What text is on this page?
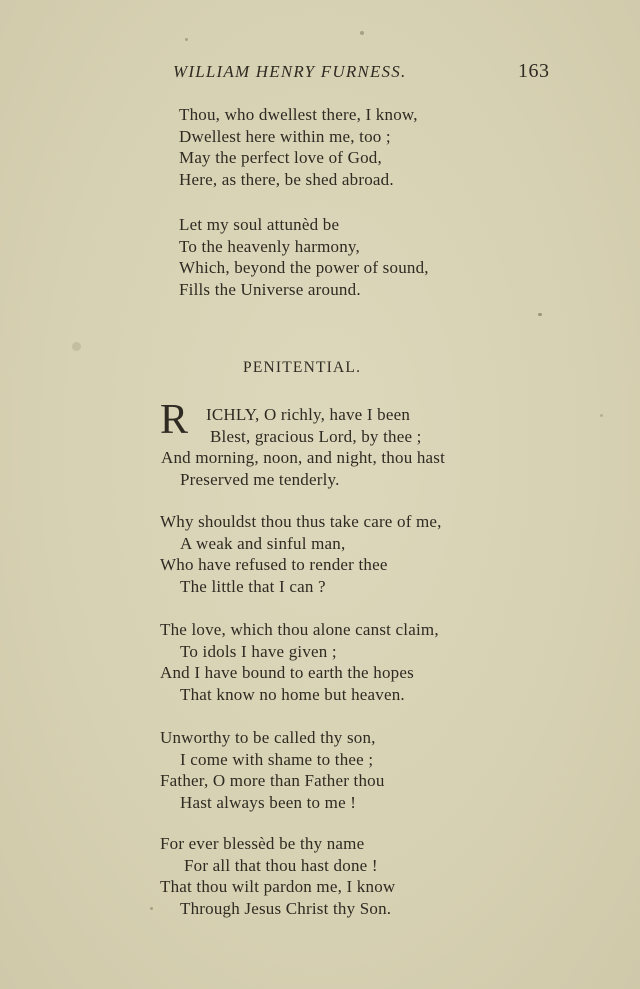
WILLIAM HENRY FURNESS.	163
Thou, who dwellest there, I know,
Dwellest here within me, too ;
May the perfect love of God,
Here, as there, be shed abroad.
Let my soul attunèd be
To the heavenly harmony,
Which, beyond the power of sound,
Fills the Universe around.
PENITENTIAL.
R ICHLY, O richly, have I been
Blest, gracious Lord, by thee ;
And morning, noon, and night, thou hast
Preserved me tenderly.
Why shouldst thou thus take care of me,
A weak and sinful man,
Who have refused to render thee
The little that I can ?
The love, which thou alone canst claim,
To idols I have given ;
And I have bound to earth the hopes
That know no home but heaven.
Unworthy to be called thy son,
I come with shame to thee ;
Father, O more than Father thou
Hast always been to me !
For ever blessèd be thy name
For all that thou hast done !
That thou wilt pardon me, I know
Through Jesus Christ thy Son.
